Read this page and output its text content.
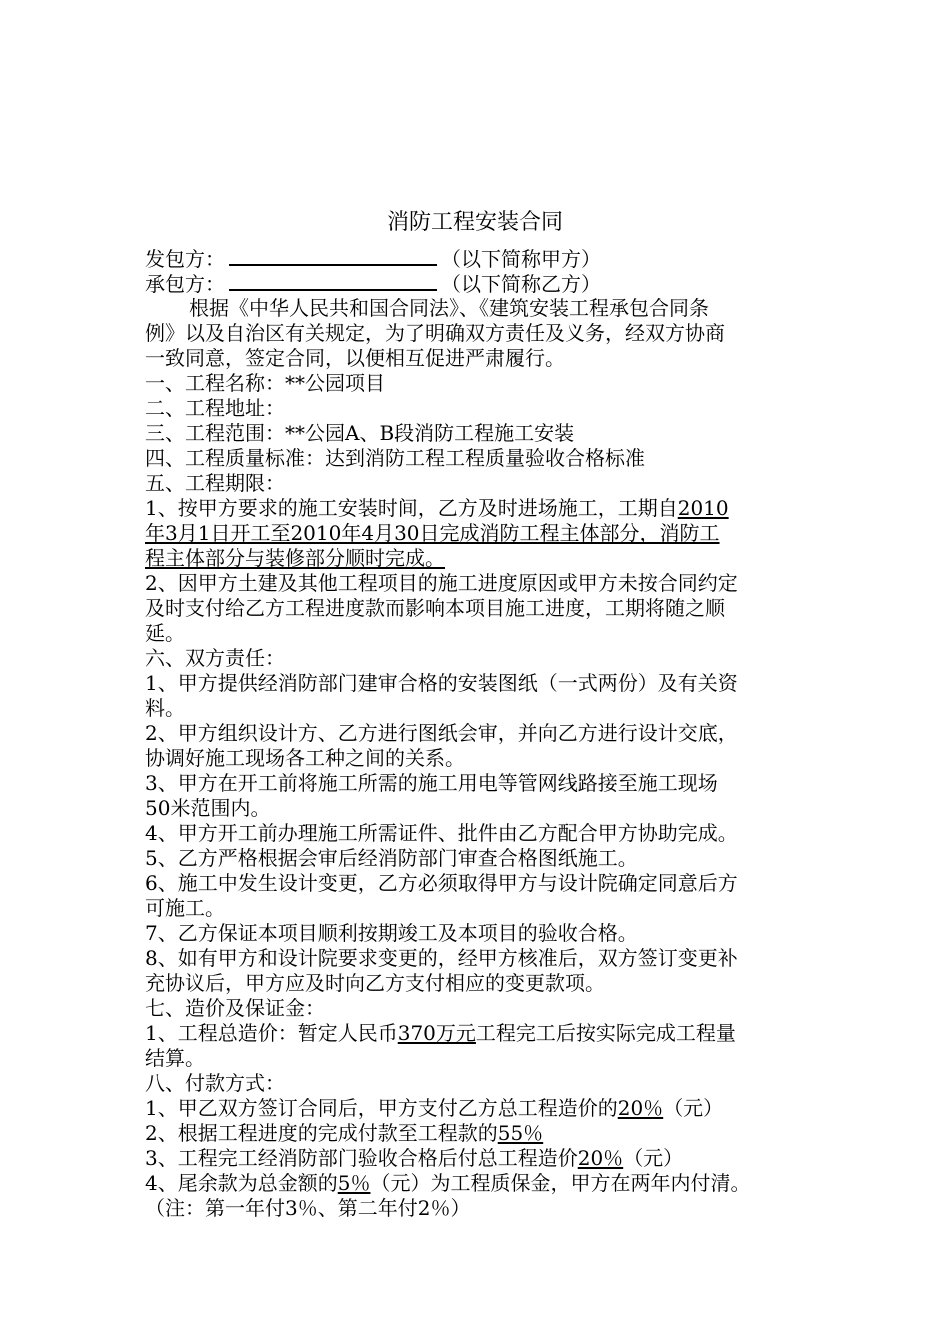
消防工程安装合同
发包方：	（以下简称甲方）
承包方：	（以下简称乙方）
根据《中华人民共和国合同法》、《建筑安装工程承包合同条
例》以及自治区有关规定，为了明确双方责任及义务，经双方协商
一致同意，签定合同，以便相互促进严肃履行。
一、工程名称：**公园项目
二、工程地址：
三、工程范围：**公园A、B段消防工程施工安装
四、工程质量标准：达到消防工程工程质量验收合格标准
五、工程期限：
1、按甲方要求的施工安装时间，乙方及时进场施工，工期自2010
年3月1日开工至2010年4月30日完成消防工程主体部分，消防工
程主体部分与装修部分顺时完成。
2、因甲方土建及其他工程项目的施工进度原因或甲方未按合同约定
及时支付给乙方工程进度款而影响本项目施工进度，工期将随之顺
延。
六、双方责任：
1、甲方提供经消防部门建审合格的安装图纸（一式两份）及有关资
料。
2、甲方组织设计方、乙方进行图纸会审，并向乙方进行设计交底，
协调好施工现场各工种之间的关系。
3、甲方在开工前将施工所需的施工用电等管网线路接至施工现场
50米范围内。
4、甲方开工前办理施工所需证件、批件由乙方配合甲方协助完成。
5、乙方严格根据会审后经消防部门审查合格图纸施工。
6、施工中发生设计变更，乙方必须取得甲方与设计院确定同意后方
可施工。
7、乙方保证本项目顺利按期竣工及本项目的验收合格。
8、如有甲方和设计院要求变更的，经甲方核准后，双方签订变更补
充协议后，甲方应及时向乙方支付相应的变更款项。
七、造价及保证金：
1、工程总造价：暂定人民币370万元工程完工后按实际完成工程量
结算。
八、付款方式：
1、甲乙双方签订合同后，甲方支付乙方总工程造价的20％（元）
2、根据工程进度的完成付款至工程款的55％
3、工程完工经消防部门验收合格后付总工程造价20％（元）
4、尾余款为总金额的5％（元）为工程质保金，甲方在两年内付清。
（注：第一年付3％、第二年付2％）
